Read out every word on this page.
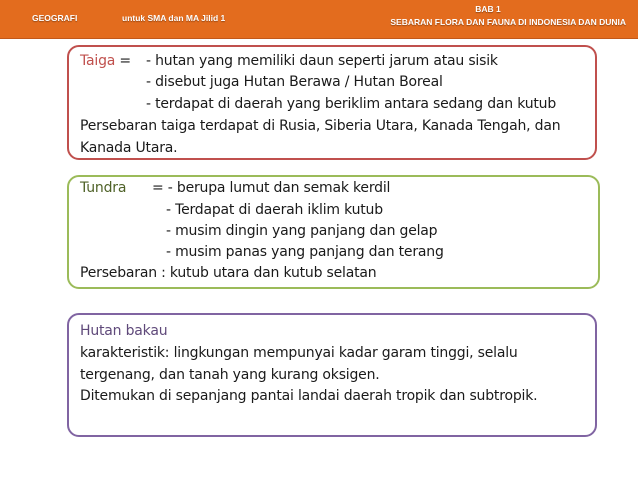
GEOGRAFI	untuk SMA dan MA Jilid 1
BAB 1
SEBARAN FLORA DAN FAUNA DI INDONESIA DAN DUNIA
Taiga = - hutan yang memiliki daun seperti jarum atau sisik
- disebut juga Hutan Berawa / Hutan Boreal
- terdapat di daerah yang beriklim antara sedang dan kutub
Persebaran taiga terdapat di Rusia, Siberia Utara, Kanada Tengah, dan
Kanada Utara.
Tundra = - berupa lumut dan semak kerdil
- Terdapat di daerah iklim kutub
- musim dingin yang panjang dan gelap
- musim panas yang panjang dan terang
Persebaran : kutub utara dan kutub selatan
Hutan bakau
karakteristik: lingkungan mempunyai kadar garam tinggi, selalu
tergenang, dan tanah yang kurang oksigen.
Ditemukan di sepanjang pantai landai daerah tropik dan subtropik.
